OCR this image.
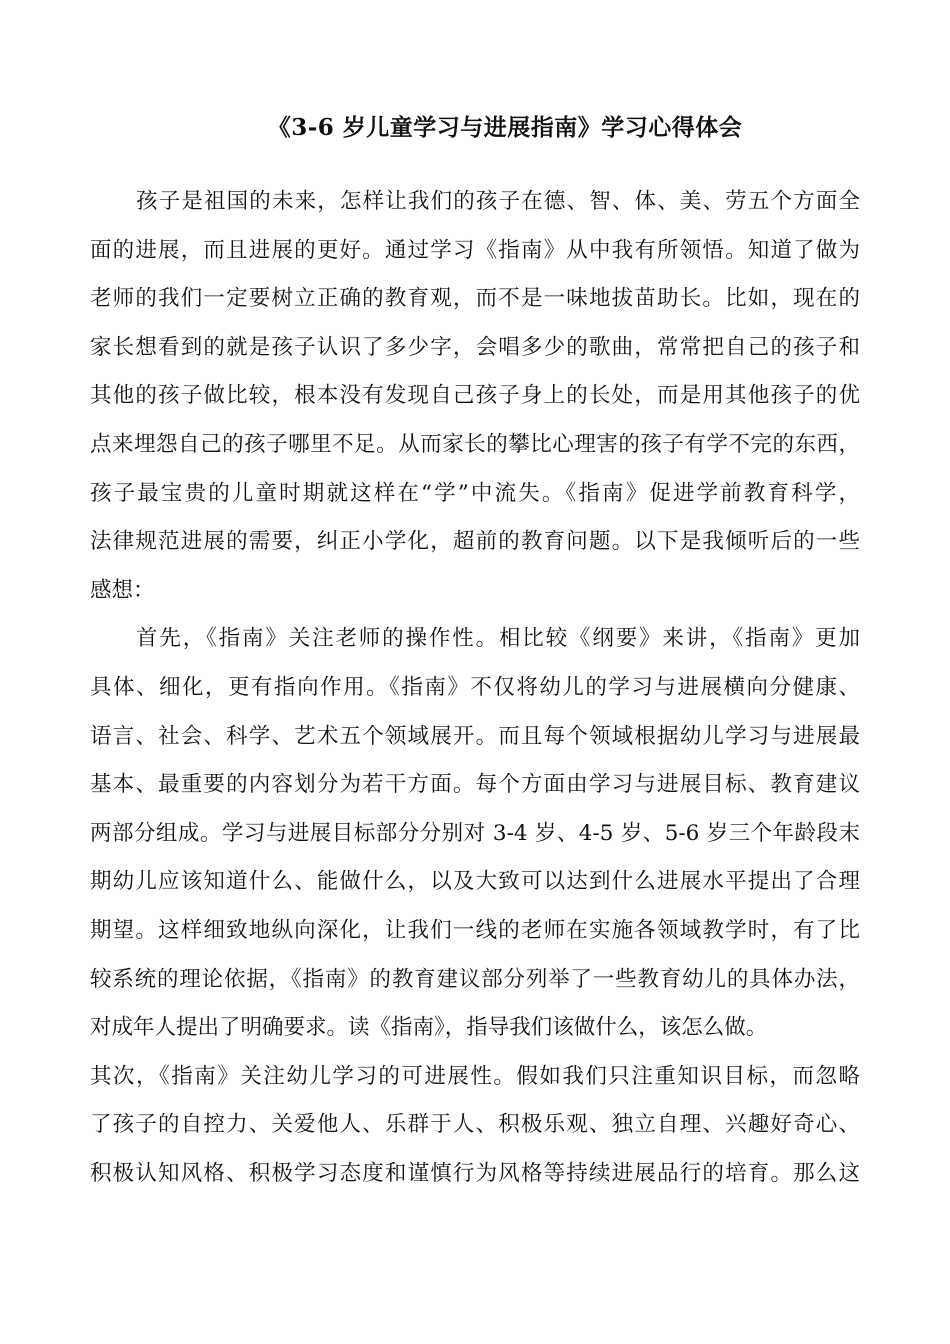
《3-6 岁儿童学习与进展指南》学习心得体会
孩子是祖国的未来，怎样让我们的孩子在德、智、体、美、劳五个方面全
面的进展，而且进展的更好。通过学习《指南》从中我有所领悟。知道了做为
老师的我们一定要树立正确的教育观，而不是一味地拔苗助长。比如，现在的
家长想看到的就是孩子认识了多少字，会唱多少的歌曲，常常把自己的孩子和
其他的孩子做比较，根本没有发现自己孩子身上的长处，而是用其他孩子的优
点来埋怨自己的孩子哪里不足。从而家长的攀比心理害的孩子有学不完的东西，
孩子最宝贵的儿童时期就这样在“学”中流失。《指南》促进学前教育科学，
法律规范进展的需要，纠正小学化，超前的教育问题。以下是我倾听后的一些
感想：
首先，《指南》关注老师的操作性。相比较《纲要》来讲，《指南》更加
具体、细化，更有指向作用。《指南》不仅将幼儿的学习与进展横向分健康、
语言、社会、科学、艺术五个领域展开。而且每个领域根据幼儿学习与进展最
基本、最重要的内容划分为若干方面。每个方面由学习与进展目标、教育建议
两部分组成。学习与进展目标部分分别对 3-4 岁、4-5 岁、5-6 岁三个年龄段末
期幼儿应该知道什么、能做什么，以及大致可以达到什么进展水平提出了合理
期望。这样细致地纵向深化，让我们一线的老师在实施各领域教学时，有了比
较系统的理论依据，《指南》的教育建议部分列举了一些教育幼儿的具体办法，
对成年人提出了明确要求。读《指南》，指导我们该做什么，该怎么做。
其次，《指南》关注幼儿学习的可进展性。假如我们只注重知识目标，而忽略
了孩子的自控力、关爱他人、乐群于人、积极乐观、独立自理、兴趣好奇心、
积极认知风格、积极学习态度和谨慎行为风格等持续进展品行的培育。那么这
